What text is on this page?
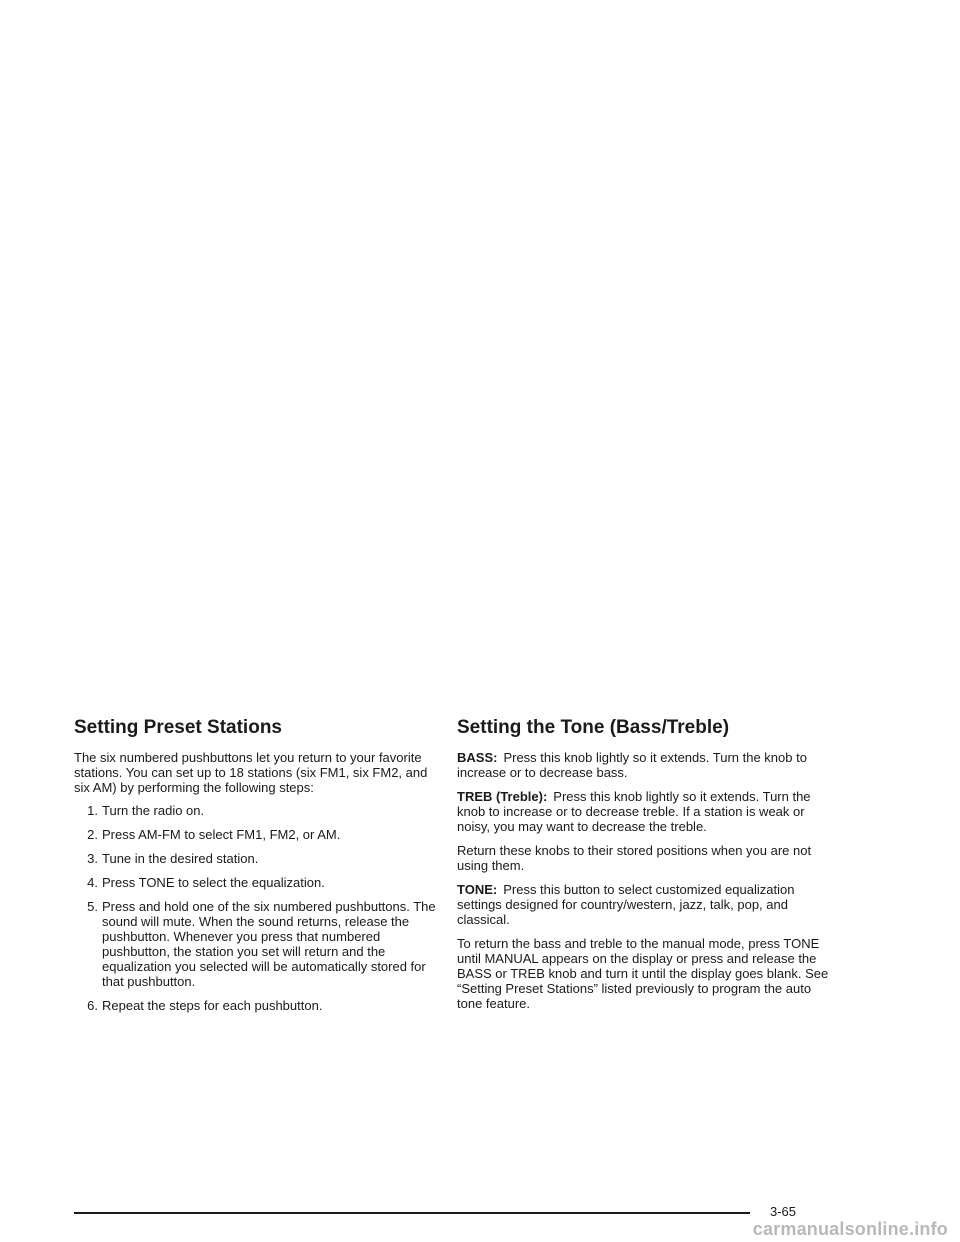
Setting Preset Stations

The six numbered pushbuttons let you return to your favorite stations. You can set up to 18 stations (six FM1, six FM2, and six AM) by performing the following steps:

1. Turn the radio on.
2. Press AM-FM to select FM1, FM2, or AM.
3. Tune in the desired station.
4. Press TONE to select the equalization.
5. Press and hold one of the six numbered pushbuttons. The sound will mute. When the sound returns, release the pushbutton. Whenever you press that numbered pushbutton, the station you set will return and the equalization you selected will be automatically stored for that pushbutton.
6. Repeat the steps for each pushbutton.
Setting the Tone (Bass/Treble)

BASS: Press this knob lightly so it extends. Turn the knob to increase or to decrease bass.

TREB (Treble): Press this knob lightly so it extends. Turn the knob to increase or to decrease treble. If a station is weak or noisy, you may want to decrease the treble.

Return these knobs to their stored positions when you are not using them.

TONE: Press this button to select customized equalization settings designed for country/western, jazz, talk, pop, and classical.

To return the bass and treble to the manual mode, press TONE until MANUAL appears on the display or press and release the BASS or TREB knob and turn it until the display goes blank. See “Setting Preset Stations” listed previously to program the auto tone feature.

3-65
carmanualsonline.info
